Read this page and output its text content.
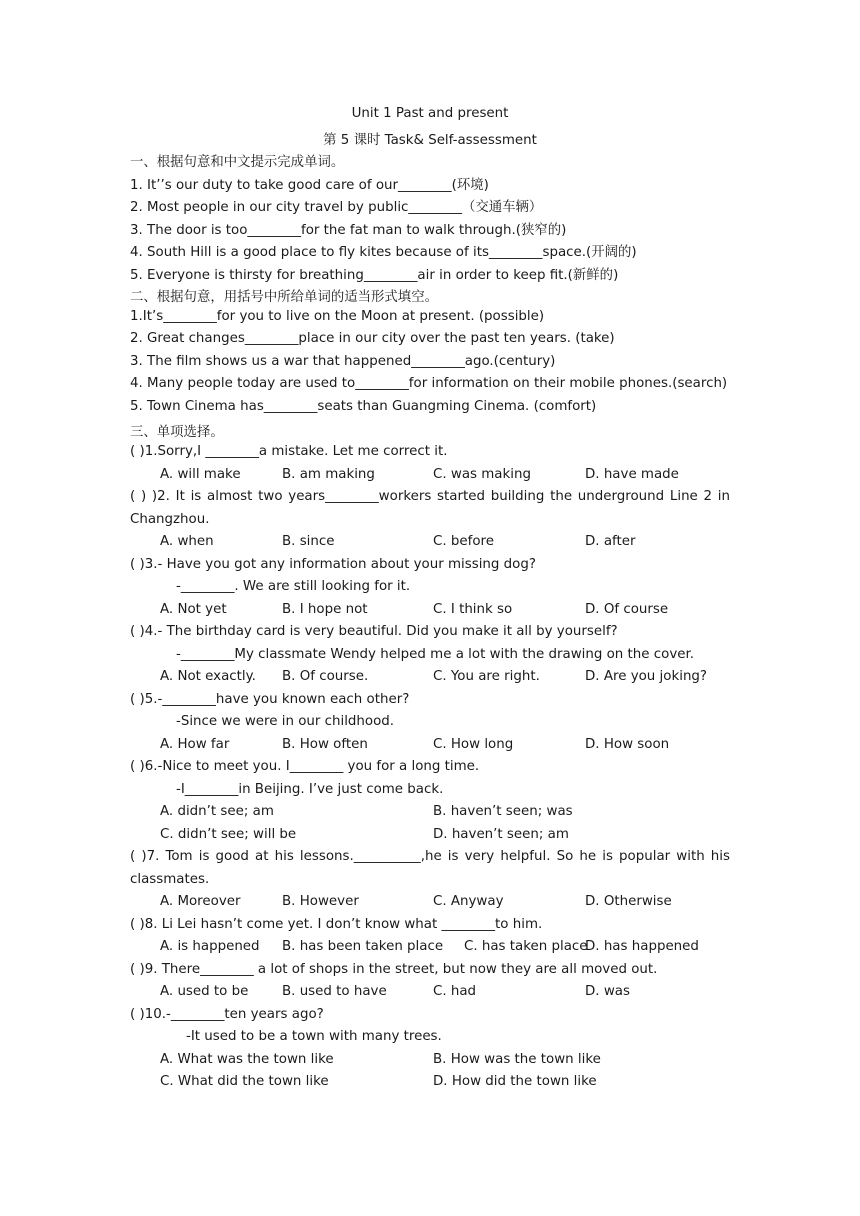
Unit 1 Past and present
第 5 课时 Task& Self-assessment
一、根据句意和中文提示完成单词。
1. It’’s our duty to take good care of our________(环境)
2. Most people in our city travel by public________（交通车辆）
3. The door is too________for the fat man to walk through.(狭窄的)
4. South Hill is a good place to fly kites because of its________space.(开阔的)
5. Everyone is thirsty for breathing________air in order to keep fit.(新鲜的)
二、根据句意，用括号中所给单词的适当形式填空。
1.It’s________for you to live on the Moon at present. (possible)
2. Great changes________place in our city over the past ten years. (take)
3. The film shows us a war that happened________ago.(century)
4. Many people today are used to________for information on their mobile phones.(search)
5. Town Cinema has________seats than Guangming Cinema. (comfort)
三、单项选择。
( )1.Sorry,I ________a mistake. Let me correct it.
A. will make	B. am making	C. was making	D. have made
( ) )2. It is almost two years________workers started building the underground Line 2 in
Changzhou.
A. when	B. since	C. before	D. after
( )3.- Have you got any information about your missing dog?
-________. We are still looking for it.
A. Not yet	B. I hope not	C. I think so	D. Of course
( )4.- The birthday card is very beautiful. Did you make it all by yourself?
-________My classmate Wendy helped me a lot with the drawing on the cover.
A. Not exactly. B. Of course.	C. You are right.	D. Are you joking?
( )5.-________have you known each other?
-Since we were in our childhood.
A. How far	B. How often	C. How long	D. How soon
( )6.-Nice to meet you. I________ you for a long time.
-I________in Beijing. I’ve just come back.
A. didn’t see; am	B. haven’t seen; was
C. didn’t see; will be	D. haven’t seen; am
( )7. Tom is good at his lessons.__________,he is very helpful. So he is popular with his
classmates.
A. Moreover	B. However	C. Anyway	D. Otherwise
( )8. Li Lei hasn’t come yet. I don’t know what ________to him.
A. is happened B. has been taken place C. has taken place
D. has happened
( )9. There________ a lot of shops in the street, but now they are all moved out.
A. used to be	B. used to have	C. had	D. was
( )10.-________ten years ago?
-It used to be a town with many trees.
A. What was the town like	B. How was the town like
C. What did the town like	D. How did the town like
